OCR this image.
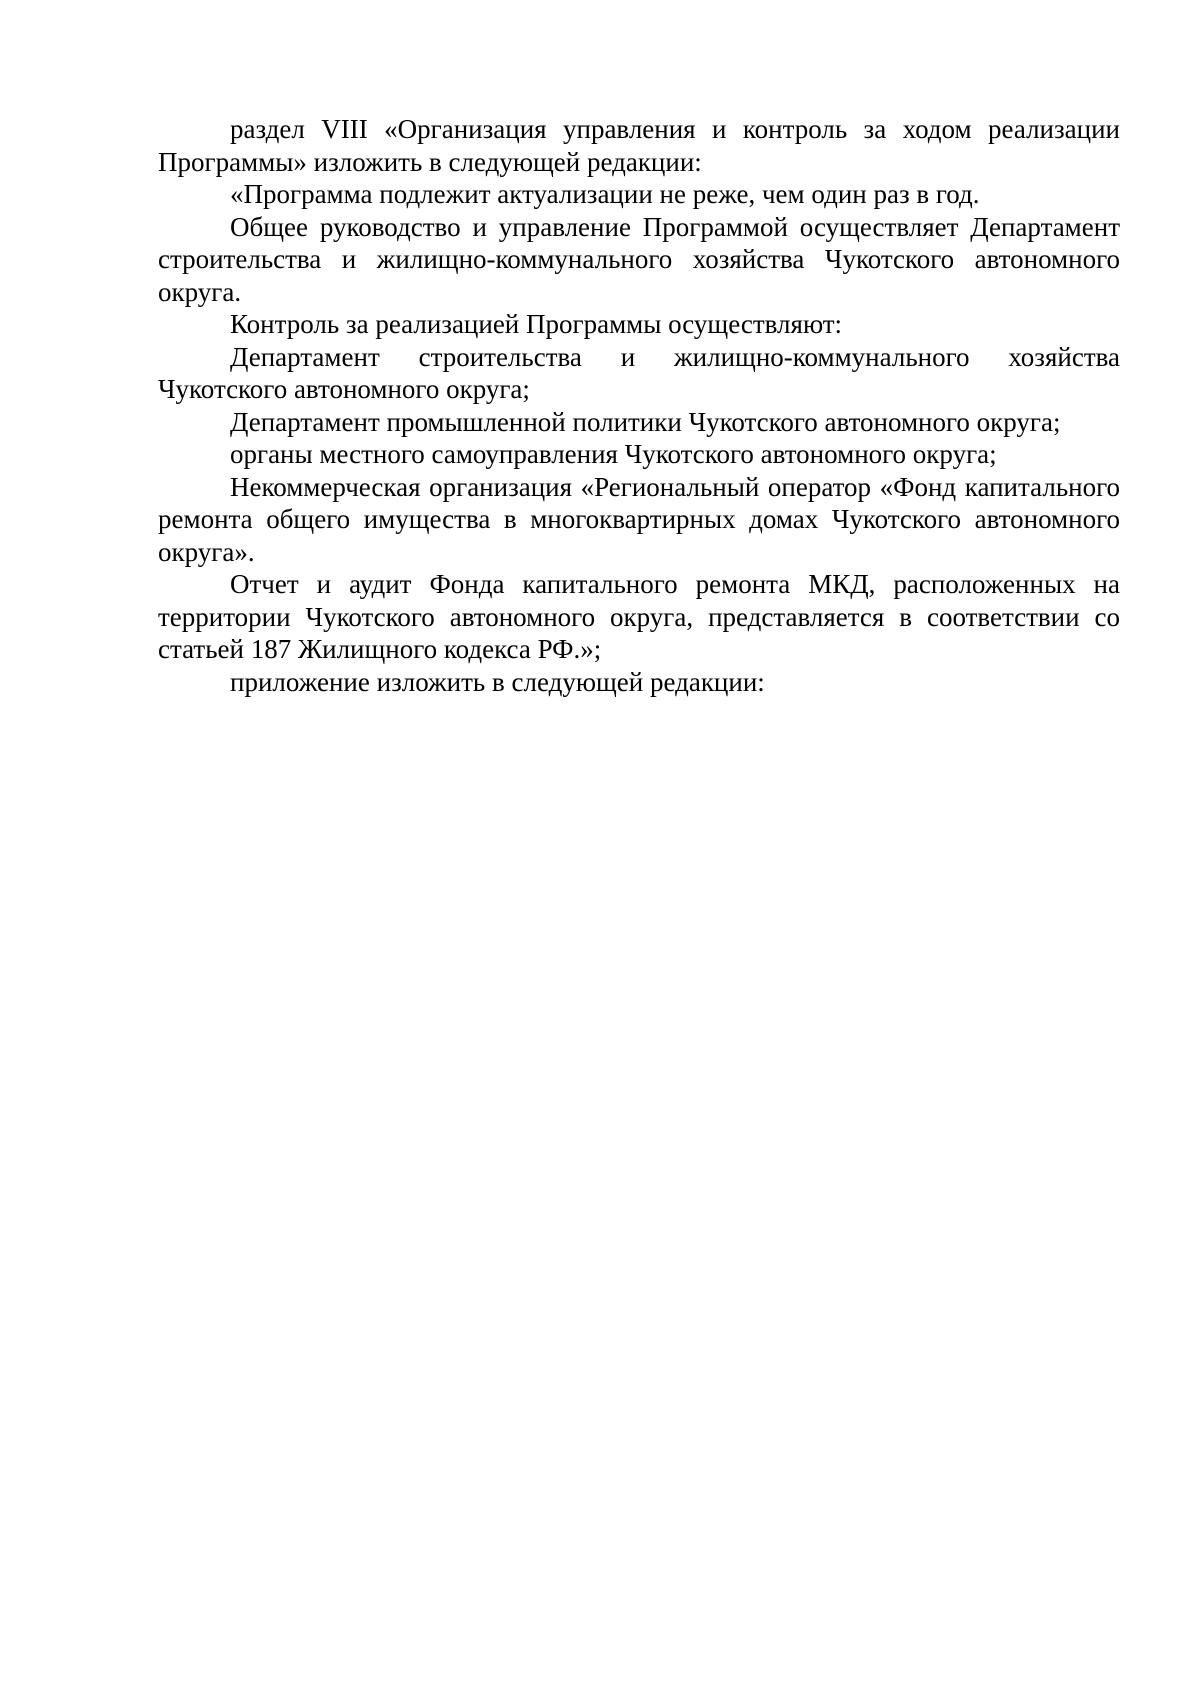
раздел VIII «Организация управления и контроль за ходом реализации Программы» изложить в следующей редакции:

«Программа подлежит актуализации не реже, чем один раз в год.

Общее руководство и управление Программой осуществляет Департамент строительства и жилищно-коммунального хозяйства Чукотского автономного округа.

Контроль за реализацией Программы осуществляют:

Департамент строительства и жилищно-коммунального хозяйства Чукотского автономного округа;

Департамент промышленной политики Чукотского автономного округа;

органы местного самоуправления Чукотского автономного округа;

Некоммерческая организация «Региональный оператор «Фонд капитального ремонта общего имущества в многоквартирных домах Чукотского автономного округа».

Отчет и аудит Фонда капитального ремонта МКД, расположенных на территории Чукотского автономного округа, представляется в соответствии со статьей 187 Жилищного кодекса РФ.»;

приложение изложить в следующей редакции:
